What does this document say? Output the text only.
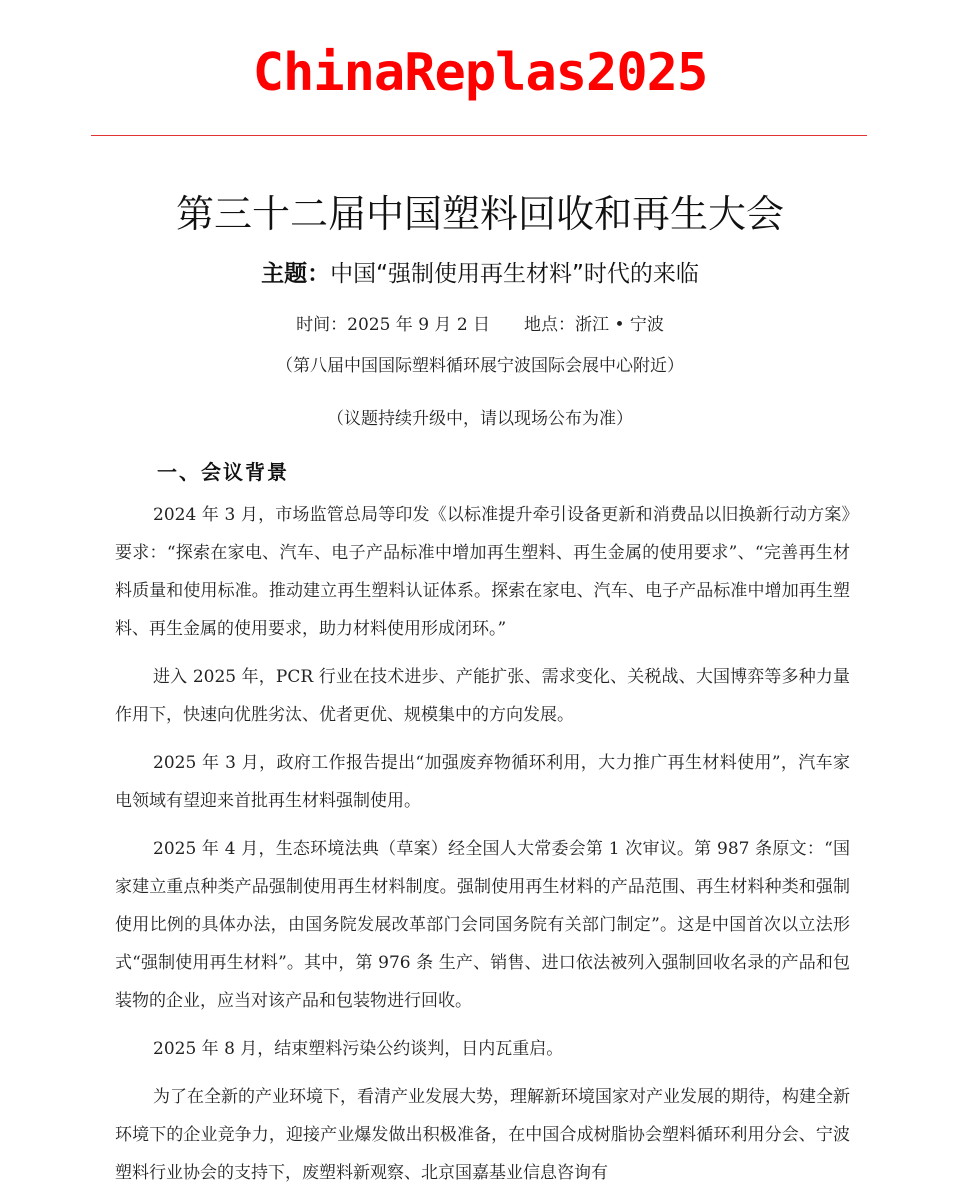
ChinaReplas2025
第三十二届中国塑料回收和再生大会
主题：中国“强制使用再生材料”时代的来临
时间：2025 年 9 月 2 日　　地点：浙江 • 宁波
（第八届中国国际塑料循环展宁波国际会展中心附近）
（议题持续升级中，请以现场公布为准）
一、会议背景

2024 年 3 月，市场监管总局等印发《以标准提升牵引设备更新和消费品以旧换新行动方案》要求：“探索在家电、汽车、电子产品标准中增加再生塑料、再生金属的使用要求”、“完善再生材料质量和使用标准。推动建立再生塑料认证体系。探索在家电、汽车、电子产品标准中增加再生塑料、再生金属的使用要求，助力材料使用形成闭环。”

进入 2025 年，PCR 行业在技术进步、产能扩张、需求变化、关税战、大国博弈等多种力量作用下，快速向优胜劣汰、优者更优、规模集中的方向发展。

2025 年 3 月，政府工作报告提出“加强废弃物循环利用，大力推广再生材料使用”，汽车家电领域有望迎来首批再生材料强制使用。

2025 年 4 月，生态环境法典（草案）经全国人大常委会第 1 次审议。第 987 条原文：“国家建立重点种类产品强制使用再生材料制度。强制使用再生材料的产品范围、再生材料种类和强制使用比例的具体办法，由国务院发展改革部门会同国务院有关部门制定”。这是中国首次以立法形式“强制使用再生材料”。其中，第 976 条 生产、销售、进口依法被列入强制回收名录的产品和包装物的企业，应当对该产品和包装物进行回收。

2025 年 8 月，结束塑料污染公约谈判，日内瓦重启。

为了在全新的产业环境下，看清产业发展大势，理解新环境国家对产业发展的期待，构建全新环境下的企业竞争力，迎接产业爆发做出积极准备，在中国合成树脂协会塑料循环利用分会、宁波塑料行业协会的支持下，废塑料新观察、北京国嘉基业信息咨询有
